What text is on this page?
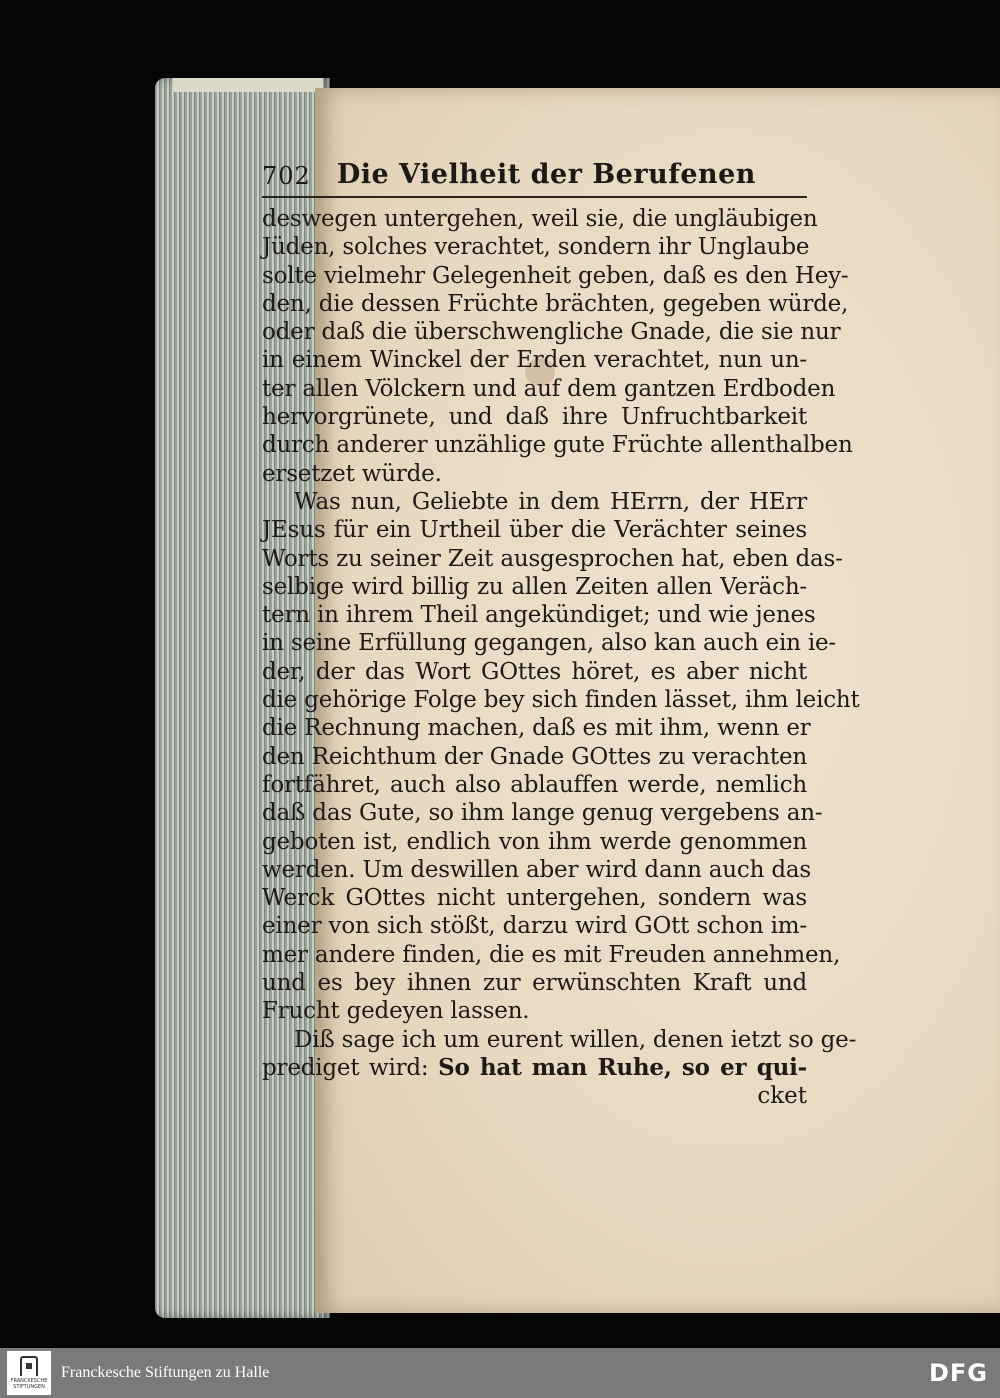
702 Die Vielheit der Berufenen
deswegen untergehen, weil sie, die ungläubigen
Jüden, solches verachtet, sondern ihr Unglaube
solte vielmehr Gelegenheit geben, daß es den Hey-
den, die dessen Früchte brächten, gegeben würde,
oder daß die überschwengliche Gnade, die sie nur
in einem Winckel der Erden verachtet, nun un-
ter allen Völckern und auf dem gantzen Erdboden
hervorgrünete, und daß ihre Unfruchtbarkeit
durch anderer unzählige gute Früchte allenthalben
ersetzet würde.
Was nun, Geliebte in dem HErrn, der HErr
JEsus für ein Urtheil über die Verächter seines
Worts zu seiner Zeit ausgesprochen hat, eben das-
selbige wird billig zu allen Zeiten allen Veräch-
tern in ihrem Theil angekündiget; und wie jenes
in seine Erfüllung gegangen, also kan auch ein ie-
der, der das Wort GOttes höret, es aber nicht
die gehörige Folge bey sich finden lässet, ihm leicht
die Rechnung machen, daß es mit ihm, wenn er
den Reichthum der Gnade GOttes zu verachten
fortfähret, auch also ablauffen werde, nemlich
daß das Gute, so ihm lange genug vergebens an-
geboten ist, endlich von ihm werde genommen
werden. Um deswillen aber wird dann auch das
Werck GOttes nicht untergehen, sondern was
einer von sich stößt, darzu wird GOtt schon im-
mer andere finden, die es mit Freuden annehmen,
und es bey ihnen zur erwünschten Kraft und
Frucht gedeyen lassen.
Diß sage ich um eurent willen, denen ietzt so ge-
prediget wird: So hat man Ruhe, so er qui-
cket
FRANCKESCHE STIFTUNGEN
Franckesche Stiftungen zu Halle	DFG
